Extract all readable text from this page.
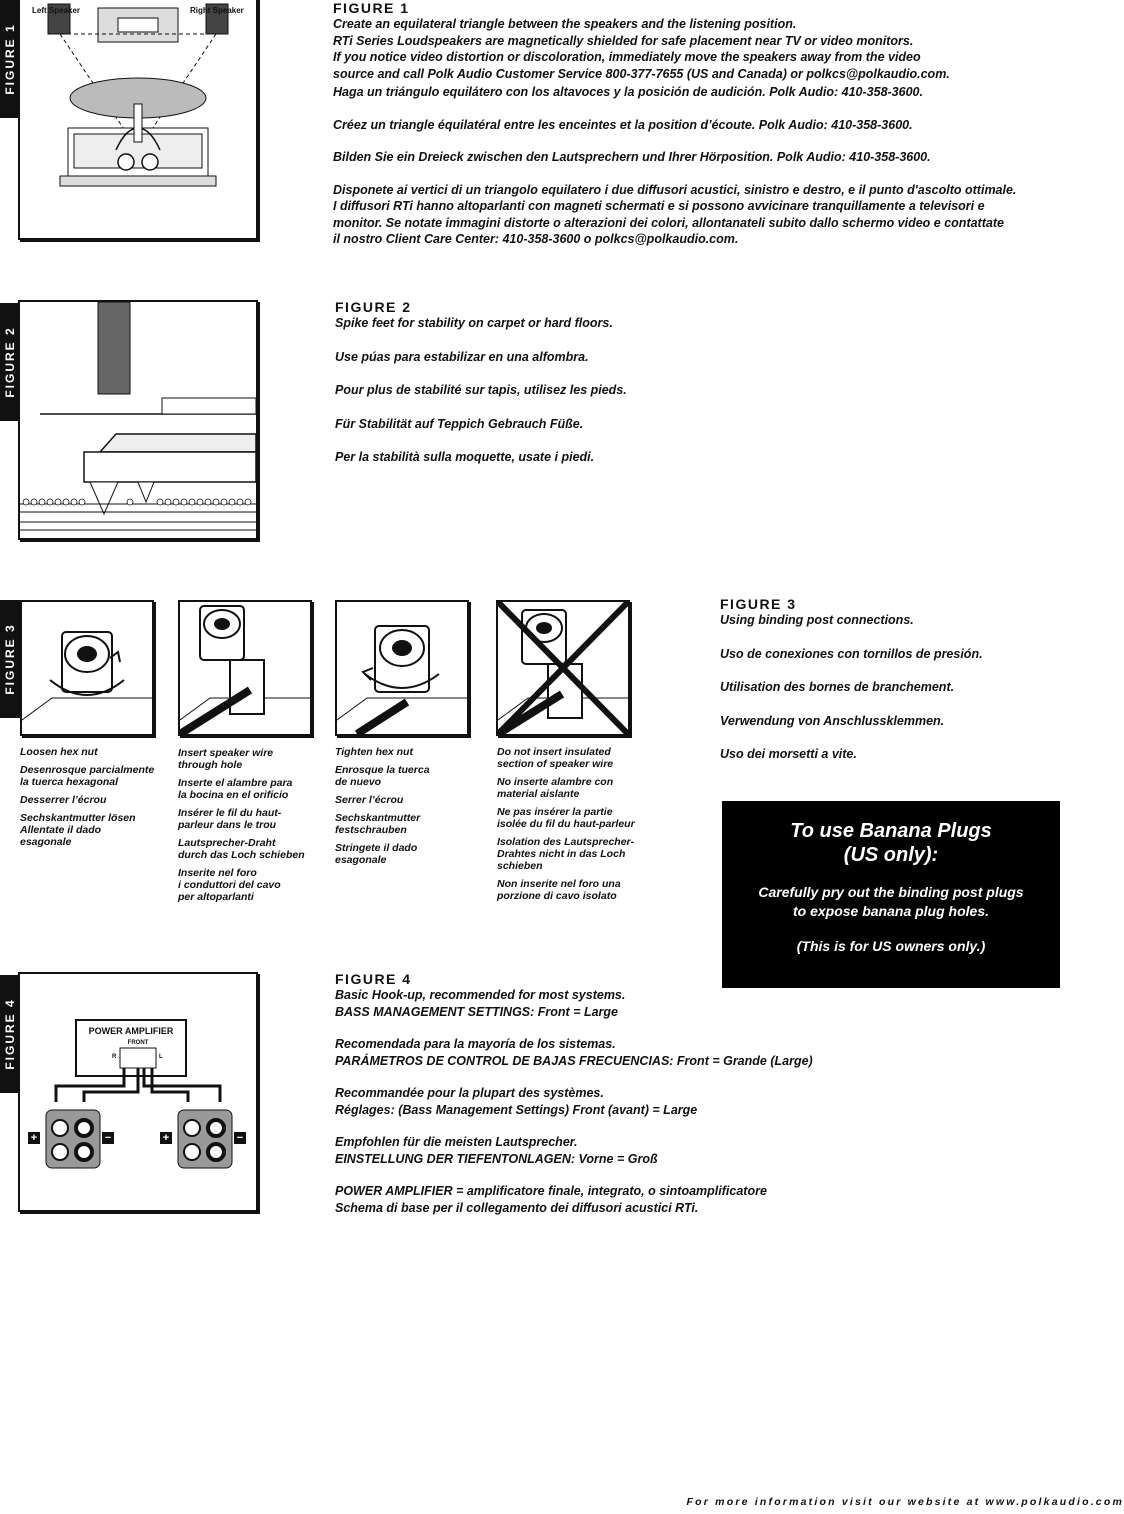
FIGURE 1
Left Speaker	Right Speaker	FIGURE 1

Create an equilateral triangle between the speakers and the listening position.

RTi Series Loudspeakers are magnetically shielded for safe placement near TV or video monitors.

If you notice video distortion or discoloration, immediately move the speakers away from the video

source and call Polk Audio Customer Service 800-377-7655 (US and Canada) or polkcs@polkaudio.com.

Haga un triángulo equilátero con los altavoces y la posición de audición. Polk Audio: 410-358-3600.

Créez un triangle équilatéral entre les enceintes et la position d’écoute. Polk Audio: 410-358-3600.

Bilden Sie ein Dreieck zwischen den Lautsprechern und Ihrer Hörposition. Polk Audio: 410-358-3600.

Disponete ai vertici di un triangolo equilatero i due diffusori acustici, sinistro e destro, e il punto d'ascolto ottimale.

I diffusori RTi hanno altoparlanti con magneti schermati e si possono avvicinare tranquillamente a televisori e

monitor. Se notate immagini distorte o alterazioni dei colori, allontanateli subito dallo schermo video e contattate

il nostro Client Care Center: 410-358-3600 o polkcs@polkaudio.com.

FIGURE 2
FIGURE 2

Spike feet for stability on carpet or hard floors.

Use púas para estabilizar en una alfombra.

Pour plus de stabilité sur tapis, utilisez les pieds.

Für Stabilität auf Teppich Gebrauch Füße.

Per la stabilità sulla moquette, usate i piedi.

FIGURE 3

Loosen hex nut

Desenrosque parcialmente
la tuerca hexagonal

Desserrer l’écrou

Sechskantmutter lösen
Allentate il dado
esagonale

Insert speaker wire
through hole

Inserte el alambre para
la bocina en el orificio

Insérer le fil du haut-
parleur dans le trou

Lautsprecher-Draht
durch das Loch schieben

Inserite nel foro
i conduttori del cavo
per altoparlanti

Tighten hex nut

Enrosque la tuerca
de nuevo

Serrer l’écrou

Sechskantmutter
festschrauben

Stringete il dado
esagonale

Do not insert insulated
section of speaker wire

No inserte alambre con
material aislante

Ne pas insérer la partie
isolée du fil du haut-parleur

Isolation des Lautsprecher-
Drahtes nicht in das Loch
schieben

Non inserite nel foro una
porzione di cavo isolato

FIGURE 3

Using binding post connections.

Uso de conexiones con tornillos de presión.

Utilisation des bornes de branchement.

Verwendung von Anschlussklemmen.

Uso dei morsetti a vite.

To use Banana Plugs
(US only):
Carefully pry out the binding post plugs
to expose banana plug holes.
(This is for US owners only.)
FIGURE 4	POWER AMPLIFIER
FRONT
R	L
+	−	+	−
FIGURE 4

Basic Hook-up, recommended for most systems.

BASS MANAGEMENT SETTINGS: Front = Large

Recomendada para la mayoría de los sistemas.

PARÁMETROS DE CONTROL DE BAJAS FRECUENCIAS: Front = Grande (Large)

Recommandée pour la plupart des systèmes.

Réglages: (Bass Management Settings) Front (avant) = Large

Empfohlen für die meisten Lautsprecher.

EINSTELLUNG DER TIEFENTONLAGEN: Vorne = Groß

POWER AMPLIFIER = amplificatore finale, integrato, o sintoamplificatore

Schema di base per il collegamento dei diffusori acustici RTi.

For more information visit our website at www.polkaudio.com
